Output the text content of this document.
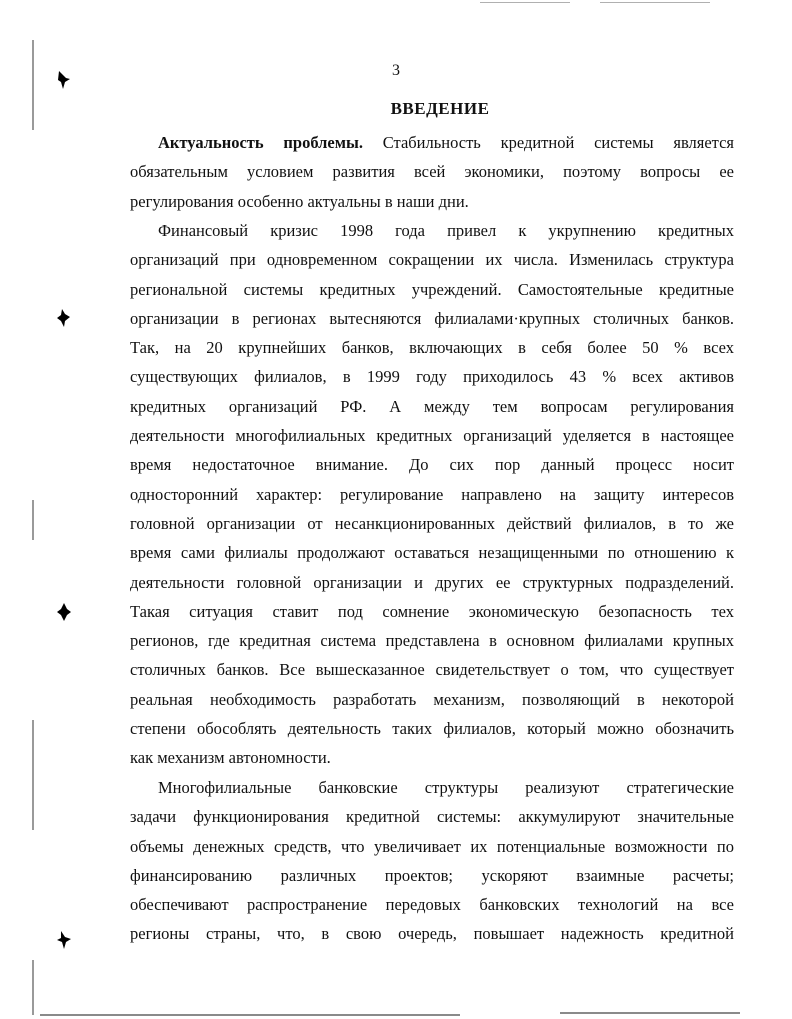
3
ВВЕДЕНИЕ
Актуальность проблемы. Стабильность кредитной системы является
обязательным условием развития всей экономики, поэтому вопросы ее
регулирования особенно актуальны в наши дни.
Финансовый кризис 1998 года привел к укрупнению кредитных
организаций при одновременном сокращении их числа. Изменилась структура
региональной системы кредитных учреждений. Самостоятельные кредитные
организации в регионах вытесняются филиалами·крупных столичных банков.
Так, на 20 крупнейших банков, включающих в себя более 50 % всех
существующих филиалов, в 1999 году приходилось 43 % всех активов
кредитных организаций РФ. А между тем вопросам регулирования
деятельности многофилиальных кредитных организаций уделяется в настоящее
время недостаточное внимание. До сих пор данный процесс носит
односторонний характер: регулирование направлено на защиту интересов
головной организации от несанкционированных действий филиалов, в то же
время сами филиалы продолжают оставаться незащищенными по отношению к
деятельности головной организации и других ее структурных подразделений.
Такая ситуация ставит под сомнение экономическую безопасность тех
регионов, где кредитная система представлена в основном филиалами крупных
столичных банков. Все вышесказанное свидетельствует о том, что существует
реальная необходимость разработать механизм, позволяющий в некоторой
степени обособлять деятельность таких филиалов, который можно обозначить
как механизм автономности.
Многофилиальные банковские структуры реализуют стратегические
задачи функционирования кредитной системы: аккумулируют значительные
объемы денежных средств, что увеличивает их потенциальные возможности по
финансированию различных проектов; ускоряют взаимные расчеты;
обеспечивают распространение передовых банковских технологий на все
регионы страны, что, в свою очередь, повышает надежность кредитной
